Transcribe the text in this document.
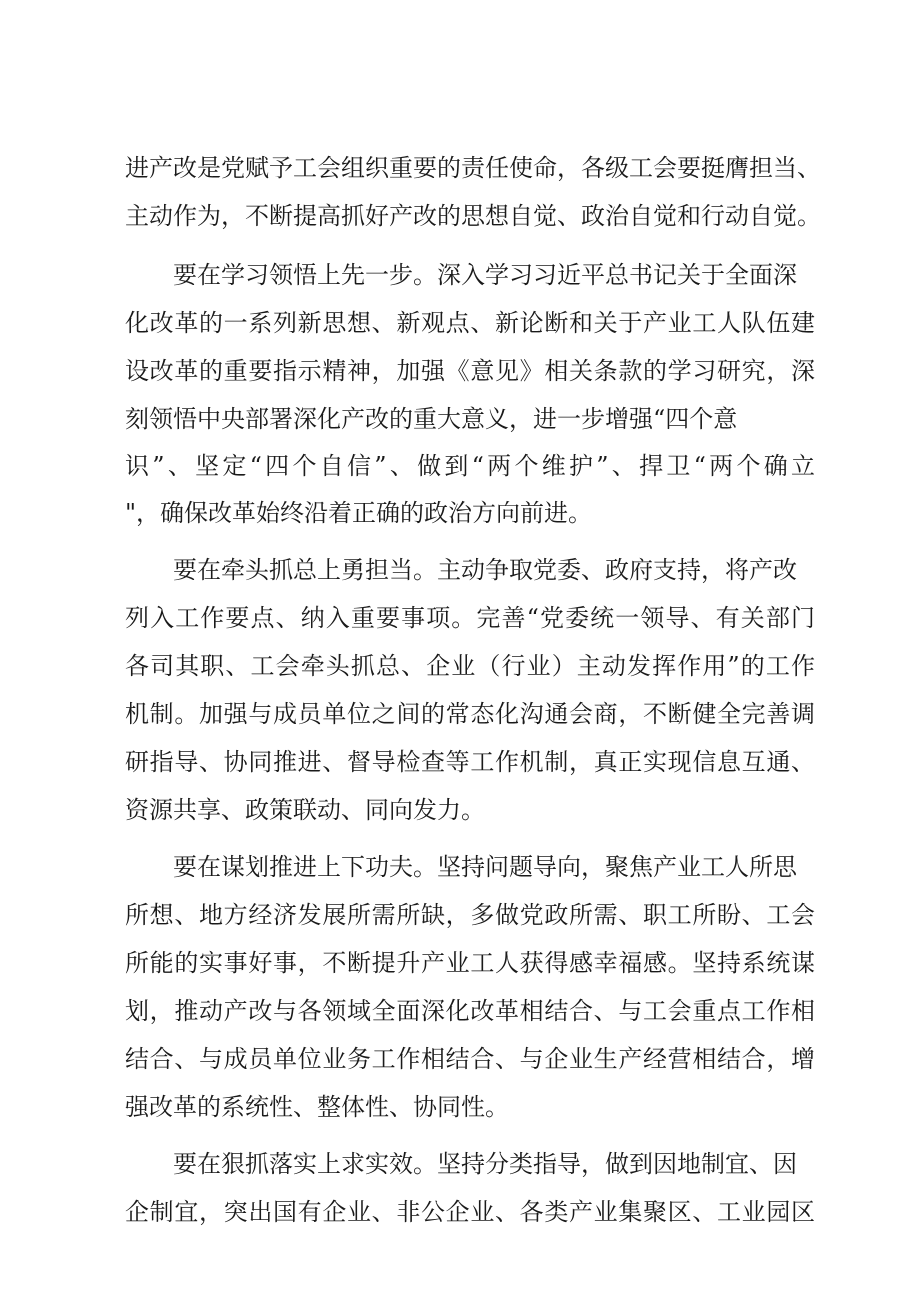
进产改是党赋予工会组织重要的责任使命，各级工会要挺膺担当、
主动作为，不断提高抓好产改的思想自觉、政治自觉和行动自觉。
要在学习领悟上先一步。深入学习习近平总书记关于全面深
化改革的一系列新思想、新观点、新论断和关于产业工人队伍建
设改革的重要指示精神，加强《意见》相关条款的学习研究，深
刻领悟中央部署深化产改的重大意义，进一步增强“四个意
识”、坚定“四个自信”、做到“两个维护”、捍卫“两个确立
"，确保改革始终沿着正确的政治方向前进。
要在牵头抓总上勇担当。主动争取党委、政府支持，将产改
列入工作要点、纳入重要事项。完善“党委统一领导、有关部门
各司其职、工会牵头抓总、企业（行业）主动发挥作用”的工作
机制。加强与成员单位之间的常态化沟通会商，不断健全完善调
研指导、协同推进、督导检查等工作机制，真正实现信息互通、
资源共享、政策联动、同向发力。
要在谋划推进上下功夫。坚持问题导向，聚焦产业工人所思
所想、地方经济发展所需所缺，多做党政所需、职工所盼、工会
所能的实事好事，不断提升产业工人获得感幸福感。坚持系统谋
划，推动产改与各领域全面深化改革相结合、与工会重点工作相
结合、与成员单位业务工作相结合、与企业生产经营相结合，增
强改革的系统性、整体性、协同性。
要在狠抓落实上求实效。坚持分类指导，做到因地制宜、因
企制宜，突出国有企业、非公企业、各类产业集聚区、工业园区
